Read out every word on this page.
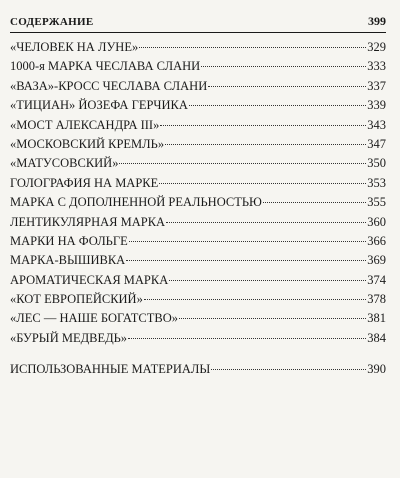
СОДЕРЖАНИЕ	399
«ЧЕЛОВЕК НА ЛУНЕ»	329
1000-я МАРКА ЧЕСЛАВА СЛАНИ	333
«ВАЗА»-КРОСС ЧЕСЛАВА СЛАНИ	337
«ТИЦИАН» ЙОЗЕФА ГЕРЧИКА	339
«МОСТ АЛЕКСАНДРА III»	343
«МОСКОВСКИЙ КРЕМЛЬ»	347
«МАТУСОВСКИЙ»	350
ГОЛОГРАФИЯ НА МАРКЕ	353
МАРКА С ДОПОЛНЕННОЙ РЕАЛЬНОСТЬЮ	355
ЛЕНТИКУЛЯРНАЯ МАРКА	360
МАРКИ НА ФОЛЬГЕ	366
МАРКА-ВЫШИВКА	369
АРОМАТИЧЕСКАЯ МАРКА	374
«КОТ ЕВРОПЕЙСКИЙ»	378
«ЛЕС — НАШЕ БОГАТСТВО»	381
«БУРЫЙ МЕДВЕДЬ»	384
ИСПОЛЬЗОВАННЫЕ МАТЕРИАЛЫ	390
